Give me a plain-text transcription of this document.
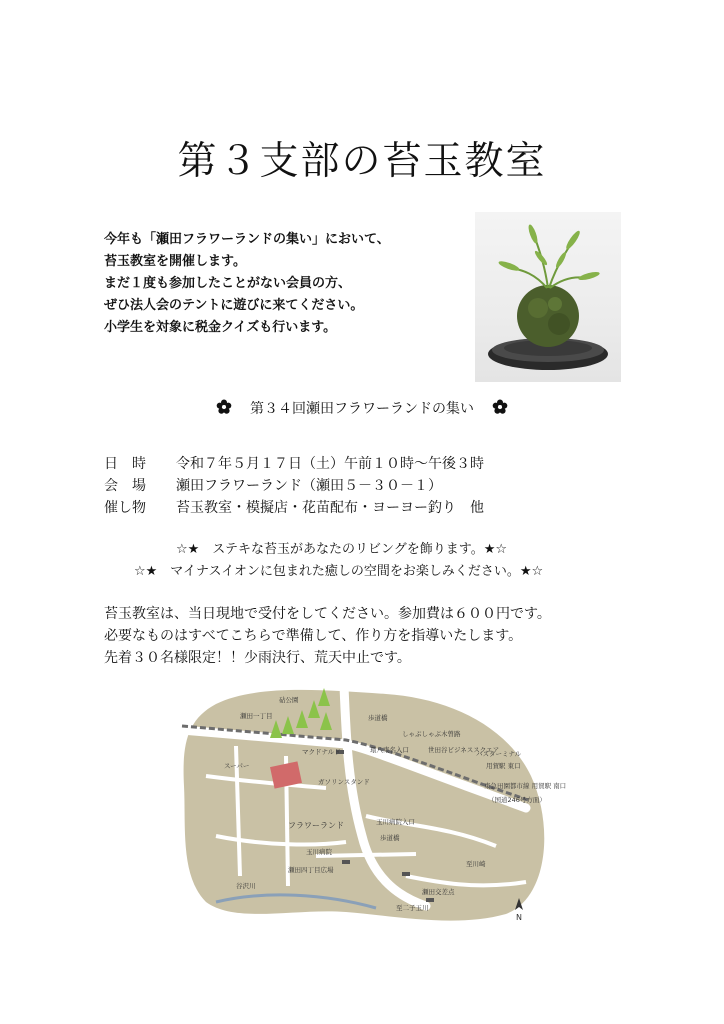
第３支部の苔玉教室
今年も「瀬田フラワーランドの集い」において、
苔玉教室を開催します。
まだ１度も参加したことがない会員の方、
ぜひ法人会のテントに遊びに来てください。
小学生を対象に税金クイズも行います。
第３４回瀬田フラワーランドの集い
日　時 令和７年５月１７日（土）午前１０時～午後３時
会　場 瀬田フラワーランド（瀬田５－３０－１）
催し物 苔玉教室・模擬店・花苗配布・ヨーヨー釣り　他
☆★　ステキな苔玉があなたのリビングを飾ります。★☆
☆★　マイナスイオンに包まれた癒しの空間をお楽しみください。★☆
苔玉教室は、当日現地で受付をしてください。参加費は６００円です。
必要なものはすべてこちらで準備して、作り方を指導いたします。
先着３０名様限定！！少雨決行、荒天中止です。
砧公園
歩道橋
瀬田一丁目
しゃぶしゃぶ木曽路
環八東名入口
マクドナルド	世田谷ビジネススクエア
バスターミナル
用賀駅 東口
ガソリンスタンド
スーパー
東急田園都市線 用賀駅 南口
（国道246号方面）
フラワーランド
玉川病院
玉川病院入口
歩道橋
瀬田四丁目広場
瀬田交差点
谷沢川
至二子玉川
至川崎
N
